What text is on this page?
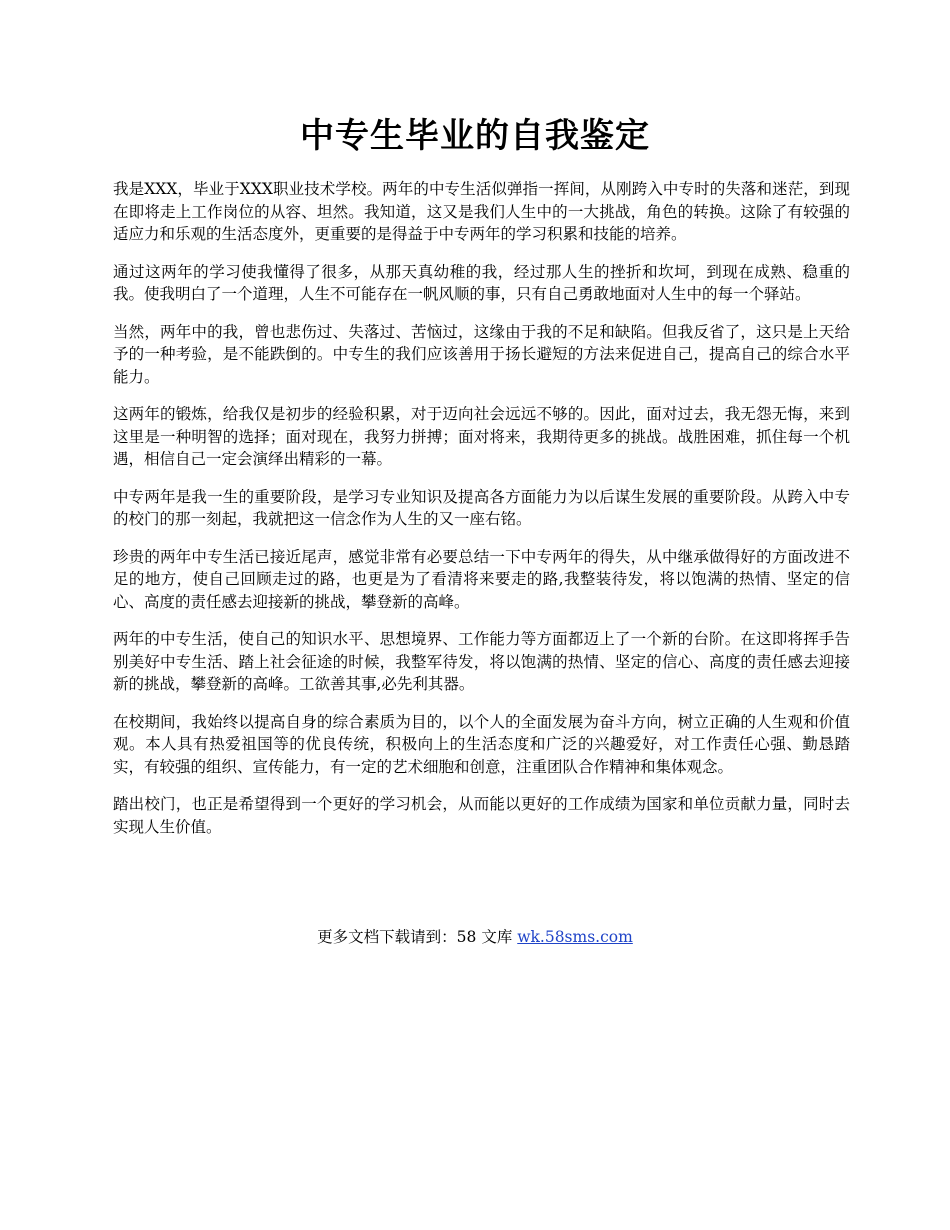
中专生毕业的自我鉴定

我是XXX，毕业于XXX职业技术学校。两年的中专生活似弹指一挥间，从刚跨入中专时的失落和迷茫，到现在即将走上工作岗位的从容、坦然。我知道，这又是我们人生中的一大挑战，角色的转换。这除了有较强的适应力和乐观的生活态度外，更重要的是得益于中专两年的学习积累和技能的培养。

通过这两年的学习使我懂得了很多，从那天真幼稚的我，经过那人生的挫折和坎坷，到现在成熟、稳重的我。使我明白了一个道理，人生不可能存在一帆风顺的事，只有自己勇敢地面对人生中的每一个驿站。

当然，两年中的我，曾也悲伤过、失落过、苦恼过，这缘由于我的不足和缺陷。但我反省了，这只是上天给予的一种考验，是不能跌倒的。中专生的我们应该善用于扬长避短的方法来促进自己，提高自己的综合水平能力。

这两年的锻炼，给我仅是初步的经验积累，对于迈向社会远远不够的。因此，面对过去，我无怨无悔，来到这里是一种明智的选择；面对现在，我努力拼搏；面对将来，我期待更多的挑战。战胜困难，抓住每一个机遇，相信自己一定会演绎出精彩的一幕。

中专两年是我一生的重要阶段，是学习专业知识及提高各方面能力为以后谋生发展的重要阶段。从跨入中专的校门的那一刻起，我就把这一信念作为人生的又一座右铭。

珍贵的两年中专生活已接近尾声，感觉非常有必要总结一下中专两年的得失，从中继承做得好的方面改进不足的地方，使自己回顾走过的路，也更是为了看清将来要走的路,我整装待发，将以饱满的热情、坚定的信心、高度的责任感去迎接新的挑战，攀登新的高峰。

两年的中专生活，使自己的知识水平、思想境界、工作能力等方面都迈上了一个新的台阶。在这即将挥手告别美好中专生活、踏上社会征途的时候，我整军待发，将以饱满的热情、坚定的信心、高度的责任感去迎接新的挑战，攀登新的高峰。工欲善其事,必先利其器。

在校期间，我始终以提高自身的综合素质为目的，以个人的全面发展为奋斗方向，树立正确的人生观和价值观。本人具有热爱祖国等的优良传统，积极向上的生活态度和广泛的兴趣爱好，对工作责任心强、勤恳踏实，有较强的组织、宣传能力，有一定的艺术细胞和创意，注重团队合作精神和集体观念。

踏出校门，也正是希望得到一个更好的学习机会，从而能以更好的工作成绩为国家和单位贡献力量，同时去实现人生价值。

更多文档下载请到：58 文库 wk.58sms.com
